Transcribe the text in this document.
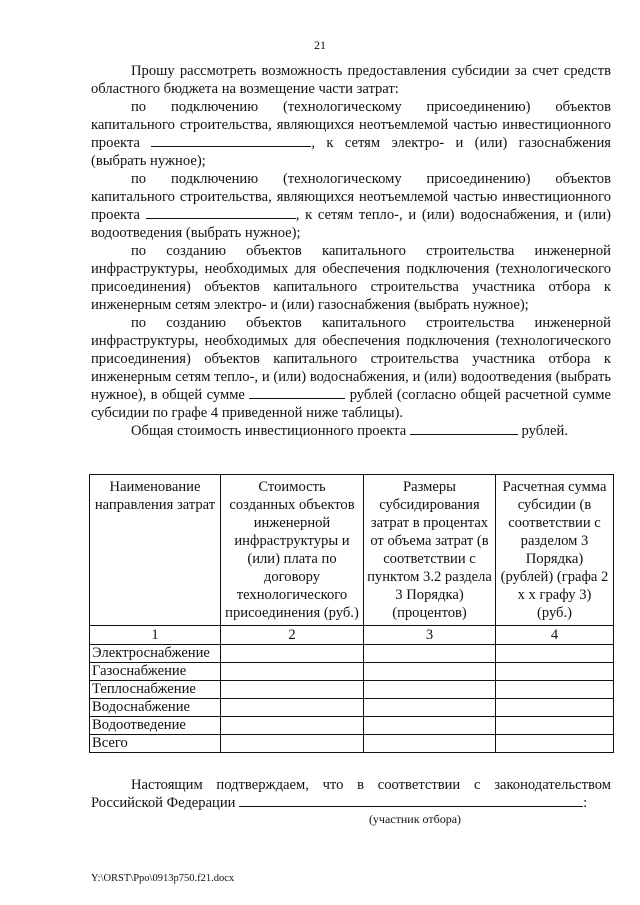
21

Прошу рассмотреть возможность предоставления субсидии за счет средств областного бюджета на возмещение части затрат:

по подключению (технологическому присоединению) объектов капитального строительства, являющихся неотъемлемой частью инвестиционного проекта	, к сетям электро- и (или) газоснабжения (выбрать нужное);

по подключению (технологическому присоединению) объектов капитального строительства, являющихся неотъемлемой частью инвестиционного проекта	, к сетям тепло-, и (или) водоснабжения, и (или) водоотведения (выбрать нужное);

по созданию объектов капитального строительства инженерной инфраструктуры, необходимых для обеспечения подключения (технологического присоединения) объектов капитального строительства участника отбора к инженерным сетям электро- и (или) газоснабжения (выбрать нужное);

по созданию объектов капитального строительства инженерной инфраструктуры, необходимых для обеспечения подключения (технологического присоединения) объектов капитального строительства участника отбора к инженерным сетям тепло-, и (или) водоснабжения, и (или) водоотведения (выбрать нужное), в общей сумме	рублей (согласно общей расчетной сумме субсидии по графе 4 приведенной ниже таблицы).

Общая стоимость инвестиционного проекта	рублей.

Наименование направления затрат	Стоимость созданных объектов инженерной инфраструктуры и (или) плата по договору технологического присоединения (руб.)	Размеры субсидирования затрат в процентах от объема затрат (в соответствии с пунктом 3.2 раздела 3 Порядка) (процентов)	Расчетная сумма субсидии (в соответствии с разделом 3 Порядка) (рублей) (графа 2 х х графу 3) (руб.)
1	2	3	4
Электроснабжение			
Газоснабжение			
Теплоснабжение			
Водоснабжение			
Водоотведение			
Всего			

Настоящим подтверждаем, что в соответствии с законодательством

Российской Федерации	:

(участник отбора)
Y:\ORST\Ppo\0913p750.f21.docx
